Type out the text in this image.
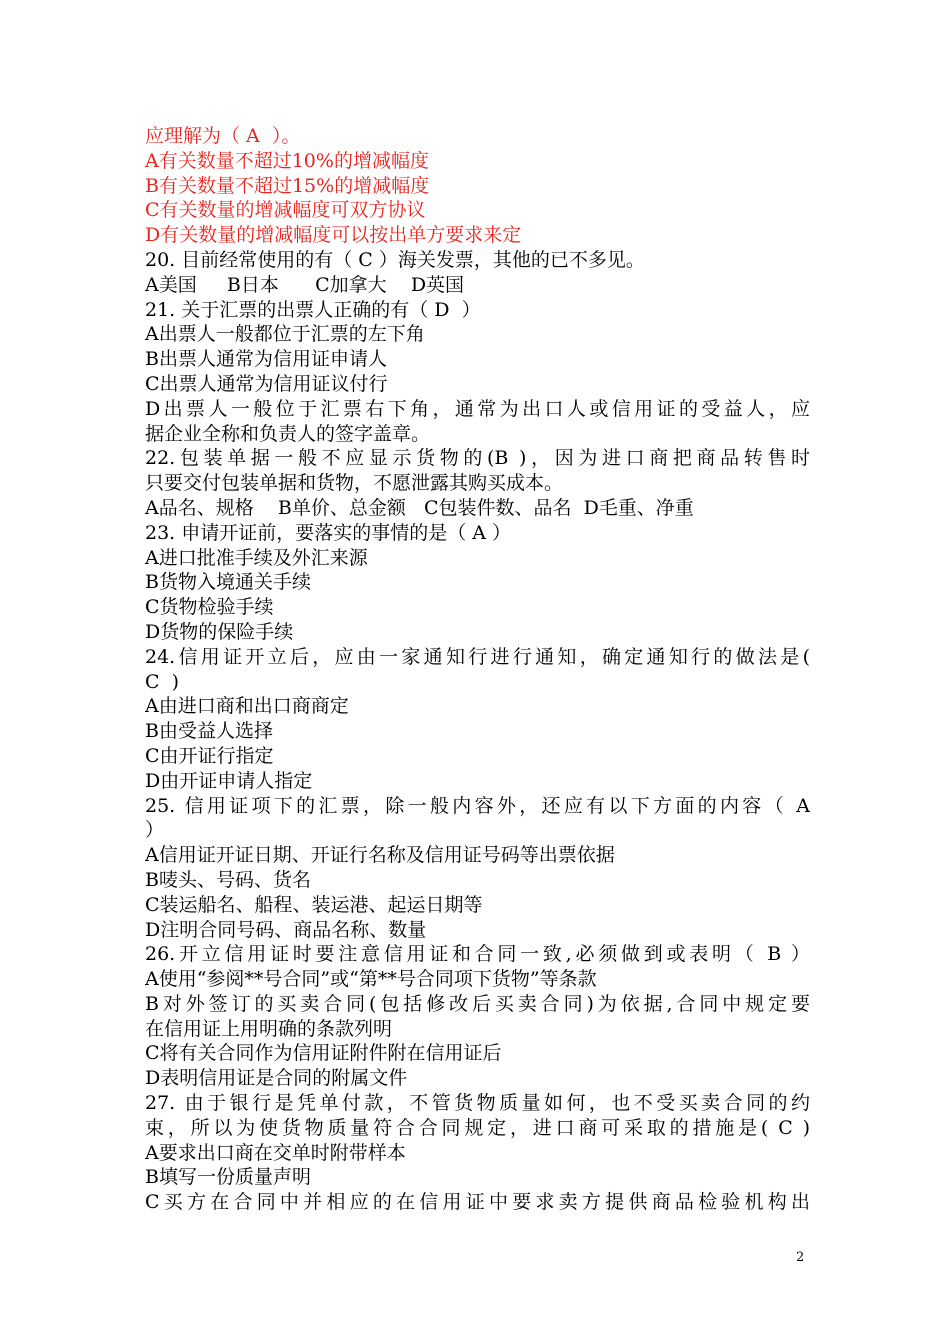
应理解为（ A  ）。
A有关数量不超过10%的增减幅度
B有关数量不超过15%的增减幅度
C有关数量的增减幅度可双方协议
D有关数量的增减幅度可以按出单方要求来定
20. 目前经常使用的有（ C ）海关发票，其他的已不多见。
A美国     B日本      C加拿大    D英国
21. 关于汇票的出票人正确的有（ D  ）
A出票人一般都位于汇票的左下角
B出票人通常为信用证申请人
C出票人通常为信用证议付行
D出票人一般位于汇票右下角，通常为出口人或信用证的受益人，应
据企业全称和负责人的签字盖章。
22.包装单据一般不应显示货物的(B )，因为进口商把商品转售时
只要交付包装单据和货物，不愿泄露其购买成本。
A品名、规格    B单价、总金额   C包装件数、品名  D毛重、净重
23. 申请开证前，要落实的事情的是（ A ）
A进口批准手续及外汇来源
B货物入境通关手续
C货物检验手续
D货物的保险手续
24.信用证开立后，应由一家通知行进行通知，确定通知行的做法是(
C  )
A由进口商和出口商商定
B由受益人选择
C由开证行指定
D由开证申请人指定
25. 信用证项下的汇票，除一般内容外，还应有以下方面的内容（ A
）
A信用证开证日期、开证行名称及信用证号码等出票依据
B唛头、号码、货名
C装运船名、船程、装运港、起运日期等
D注明合同号码、商品名称、数量
26.开立信用证时要注意信用证和合同一致,必须做到或表明（ B ）
A使用“参阅**号合同”或“第**号合同项下货物”等条款
B对外签订的买卖合同(包括修改后买卖合同)为依据,合同中规定要
在信用证上用明确的条款列明
C将有关合同作为信用证附件附在信用证后
D表明信用证是合同的附属文件
27. 由于银行是凭单付款，不管货物质量如何，也不受买卖合同的约
束，所以为使货物质量符合合同规定，进口商可采取的措施是( C )
A要求出口商在交单时附带样本
B填写一份质量声明
C买方在合同中并相应的在信用证中要求卖方提供商品检验机构出
2
